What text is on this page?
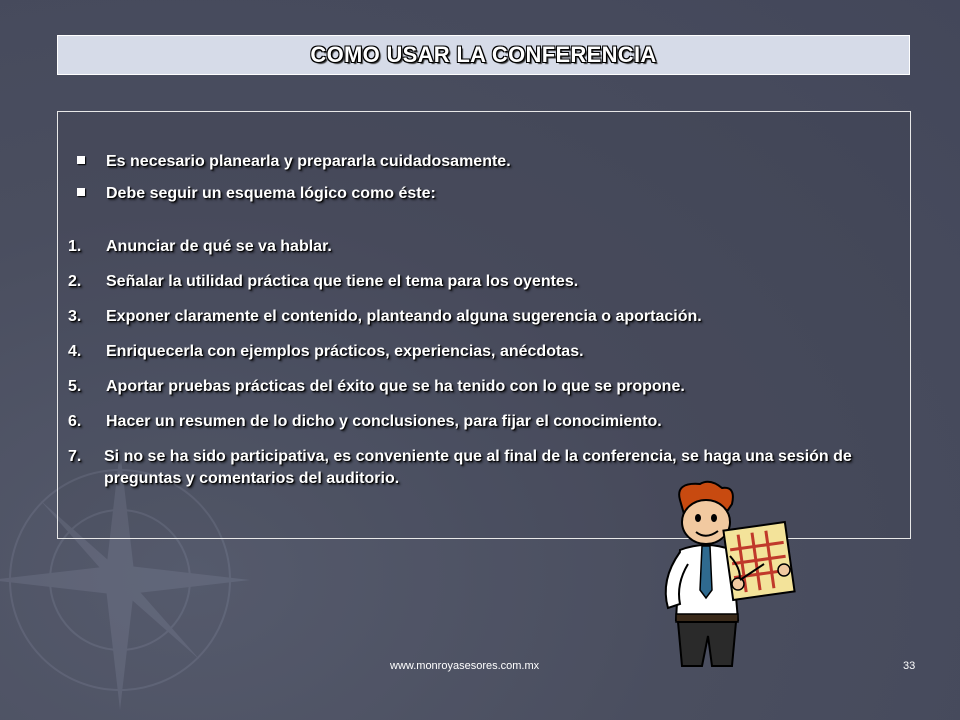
COMO USAR LA CONFERENCIA
Es necesario planearla y prepararla cuidadosamente.
Debe seguir un esquema lógico como éste:
1.	Anunciar de qué se va hablar.
2.	Señalar la utilidad práctica que tiene el tema para los oyentes.
3.	Exponer claramente el contenido, planteando alguna sugerencia o aportación.
4.	Enriquecerla con ejemplos prácticos, experiencias, anécdotas.
5.	Aportar pruebas prácticas del éxito que se ha tenido con lo que se propone.
6.	Hacer un resumen de lo dicho y conclusiones, para fijar el conocimiento.
7.	Si no se ha sido participativa, es conveniente que al final de la conferencia, se haga una sesión de preguntas y comentarios del auditorio.
www.monroyasesores.com.mx	33
